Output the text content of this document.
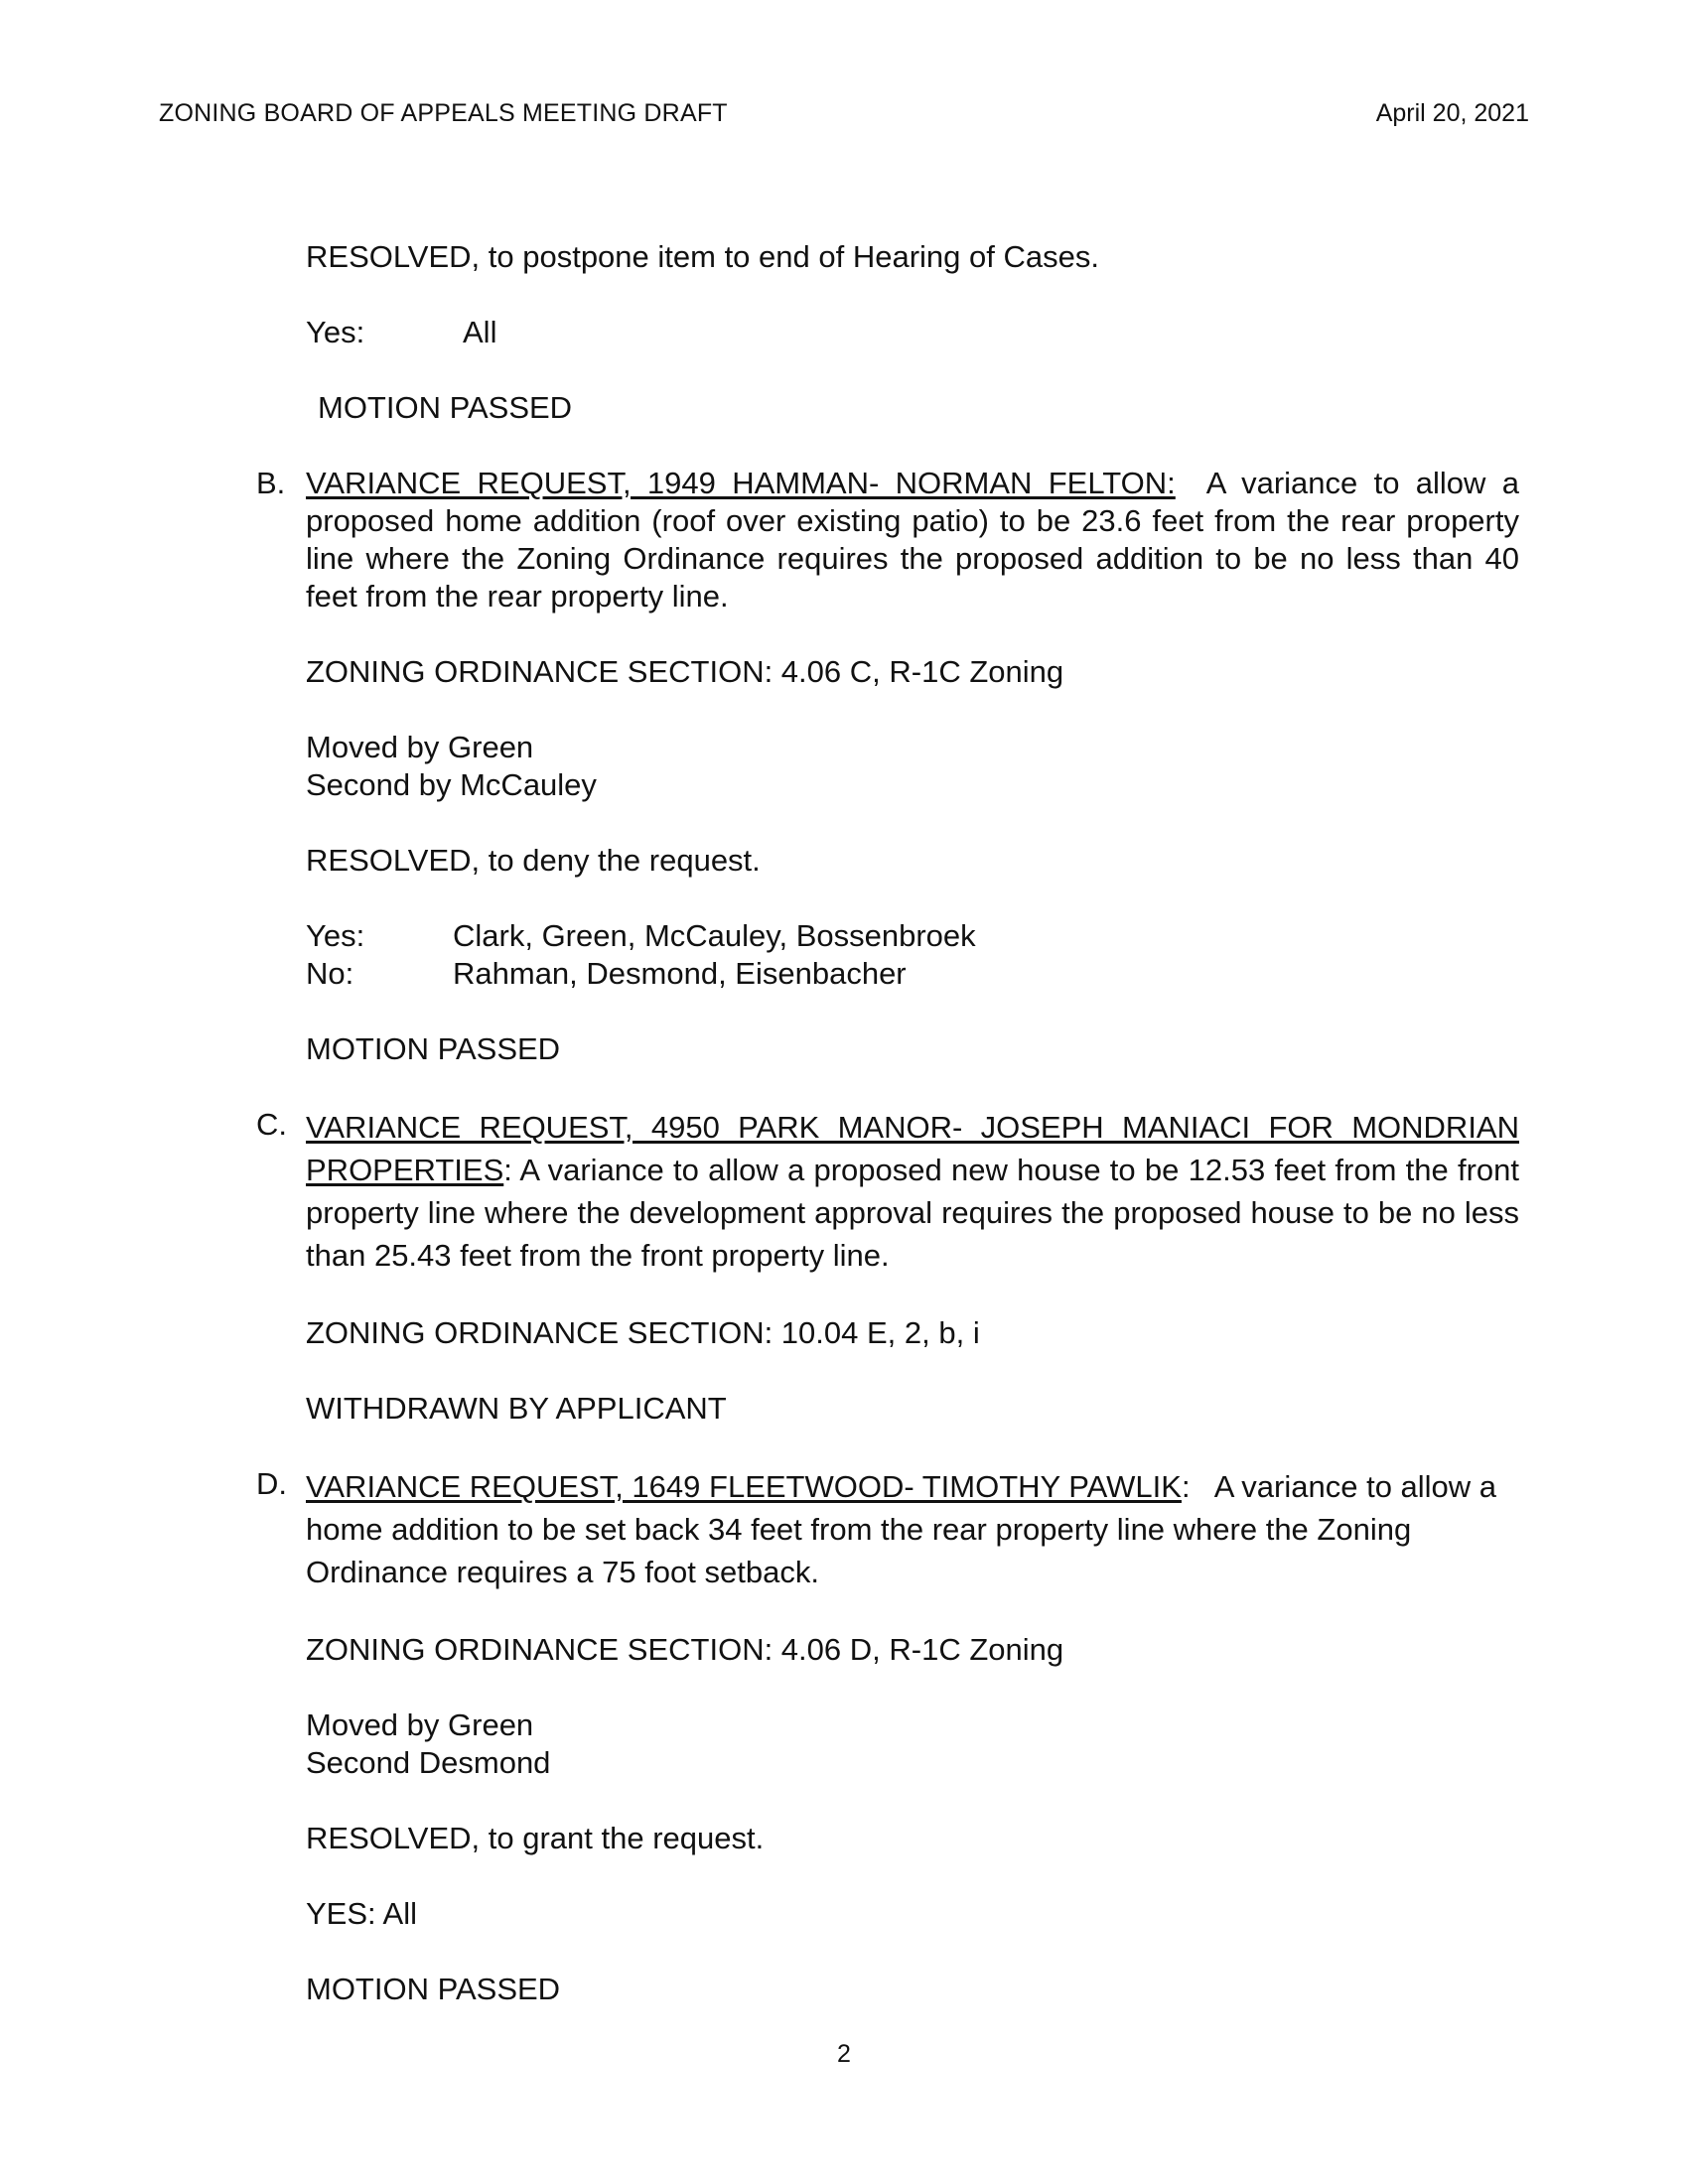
ZONING BOARD OF APPEALS MEETING DRAFT	April 20, 2021
RESOLVED, to postpone item to end of Hearing of Cases.
Yes:	All
MOTION PASSED
B. VARIANCE REQUEST, 1949 HAMMAN- NORMAN FELTON:  A variance to allow a proposed home addition (roof over existing patio) to be 23.6 feet from the rear property line where the Zoning Ordinance requires the proposed addition to be no less than 40 feet from the rear property line.
ZONING ORDINANCE SECTION: 4.06 C, R-1C Zoning
Moved by Green
Second by McCauley
RESOLVED, to deny the request.
Yes:	Clark, Green, McCauley, Bossenbroek
No:	Rahman, Desmond, Eisenbacher
MOTION PASSED
C. VARIANCE REQUEST, 4950 PARK MANOR- JOSEPH MANIACI FOR MONDRIAN PROPERTIES: A variance to allow a proposed new house to be 12.53 feet from the front property line where the development approval requires the proposed house to be no less than 25.43 feet from the front property line.
ZONING ORDINANCE SECTION: 10.04 E, 2, b, i
WITHDRAWN BY APPLICANT
D. VARIANCE REQUEST, 1649 FLEETWOOD- TIMOTHY PAWLIK:   A variance to allow a home addition to be set back 34 feet from the rear property line where the Zoning Ordinance requires a 75 foot setback.
ZONING ORDINANCE SECTION: 4.06 D, R-1C Zoning
Moved by Green
Second Desmond
RESOLVED, to grant the request.
YES: All
MOTION PASSED
2
